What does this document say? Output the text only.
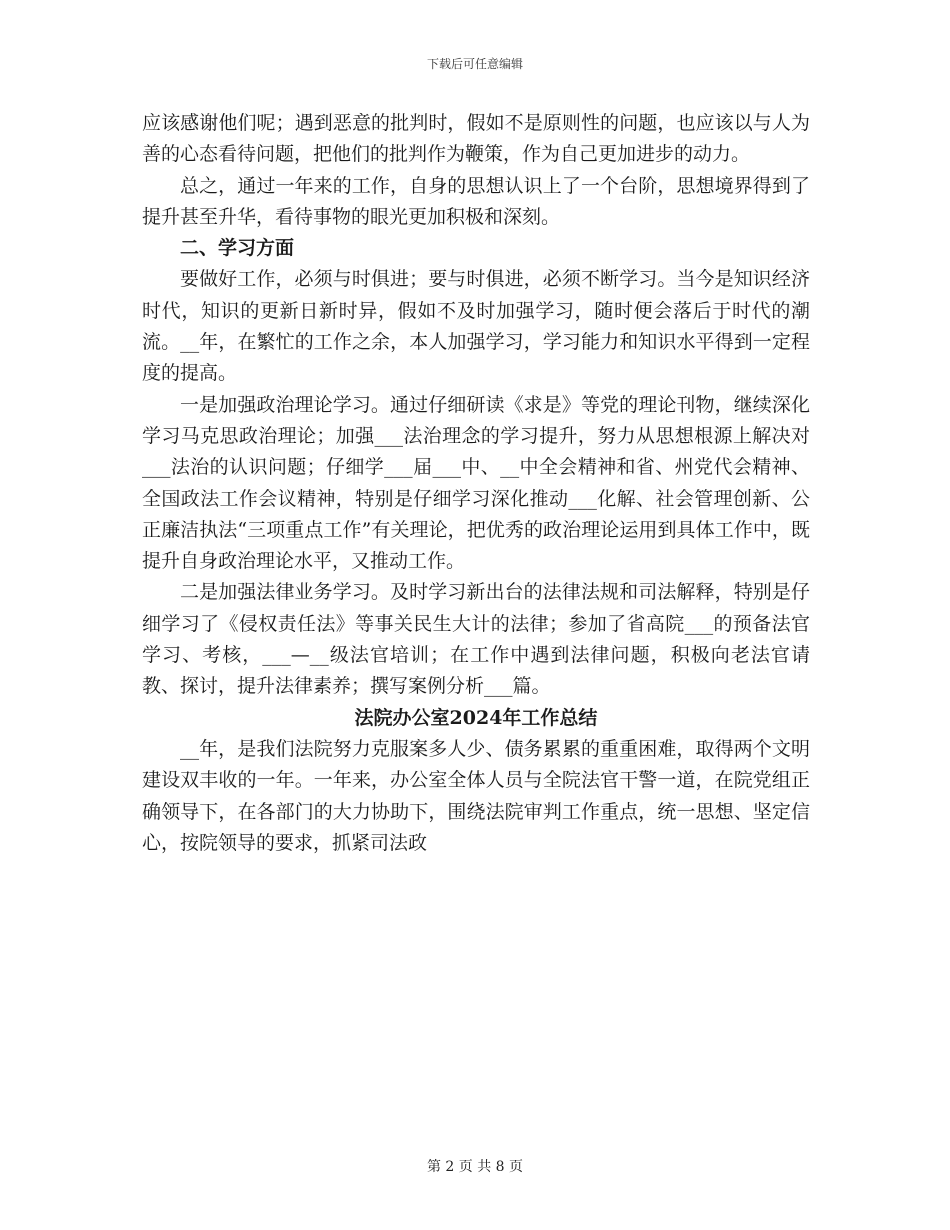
下载后可任意编辑

应该感谢他们呢；遇到恶意的批判时，假如不是原则性的问题，也应该以与人为善的心态看待问题，把他们的批判作为鞭策，作为自己更加进步的动力。

总之，通过一年来的工作，自身的思想认识上了一个台阶，思想境界得到了提升甚至升华，看待事物的眼光更加积极和深刻。

二、学习方面

要做好工作，必须与时俱进；要与时俱进，必须不断学习。当今是知识经济时代，知识的更新日新时异，假如不及时加强学习，随时便会落后于时代的潮流。__年，在繁忙的工作之余，本人加强学习，学习能力和知识水平得到一定程度的提高。

一是加强政治理论学习。通过仔细研读《求是》等党的理论刊物，继续深化学习马克思政治理论；加强___法治理念的学习提升，努力从思想根源上解决对___法治的认识问题；仔细学___届___中、__中全会精神和省、州党代会精神、全国政法工作会议精神，特别是仔细学习深化推动___化解、社会管理创新、公正廉洁执法“三项重点工作”有关理论，把优秀的政治理论运用到具体工作中，既提升自身政治理论水平，又推动工作。

二是加强法律业务学习。及时学习新出台的法律法规和司法解释，特别是仔细学习了《侵权责任法》等事关民生大计的法律；参加了省高院___的预备法官学习、考核，___—__级法官培训；在工作中遇到法律问题，积极向老法官请教、探讨，提升法律素养；撰写案例分析___篇。

法院办公室2024年工作总结

__年，是我们法院努力克服案多人少、债务累累的重重困难，取得两个文明建设双丰收的一年。一年来，办公室全体人员与全院法官干警一道，在院党组正确领导下，在各部门的大力协助下，围绕法院审判工作重点，统一思想、坚定信心，按院领导的要求，抓紧司法政

第 2 页 共 8 页
